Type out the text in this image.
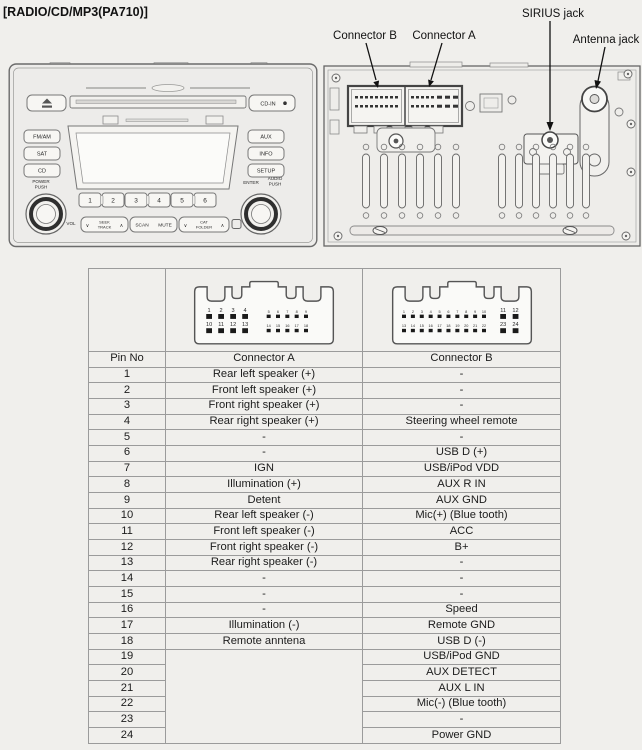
[RADIO/CD/MP3(PA710)]
CD-IN
FM/AM
SAT
CD
AUX
INFO
SETUP
POWER
PUSH
ENTER
AUDIO
PUSH
VOL
1	2	3	4	5	6
∨
SEEK
TRACK ∧	SCAN MUTE ∨
CAT
FOLDER ∧
Connector B Connector A
SIRIUS jack
Antenna jack

1 2 3 4	5 6 7 8 9
10 11 12 13	14 15 16 17 18

1 2 3 4 5 6 7 8 9 10 11 12
13 14 15 16 17 18 19 20 21 22 23 24

Pin No	Connector A	Connector B
1	Rear left speaker (+)	-
2	Front left speaker (+)	-
3	Front right speaker (+)	-
4	Rear right speaker (+)	Steering wheel remote
5	-	-
6	-	USB D (+)
7	IGN	USB/iPod VDD
8	Illumination (+)	AUX R IN
9	Detent	AUX GND
10	Rear left speaker (-)	Mic(+) (Blue tooth)
11	Front left speaker (-)	ACC
12	Front right speaker (-)	B+
13	Rear right speaker (-)	-
14	-	-
15	-	-
16	-	Speed
17	Illumination (-)	Remote GND
18	Remote anntena	USB D (-)
19		USB/iPod GND
20		AUX DETECT
21		AUX L IN
22		Mic(-) (Blue tooth)
23		-
24		Power GND
